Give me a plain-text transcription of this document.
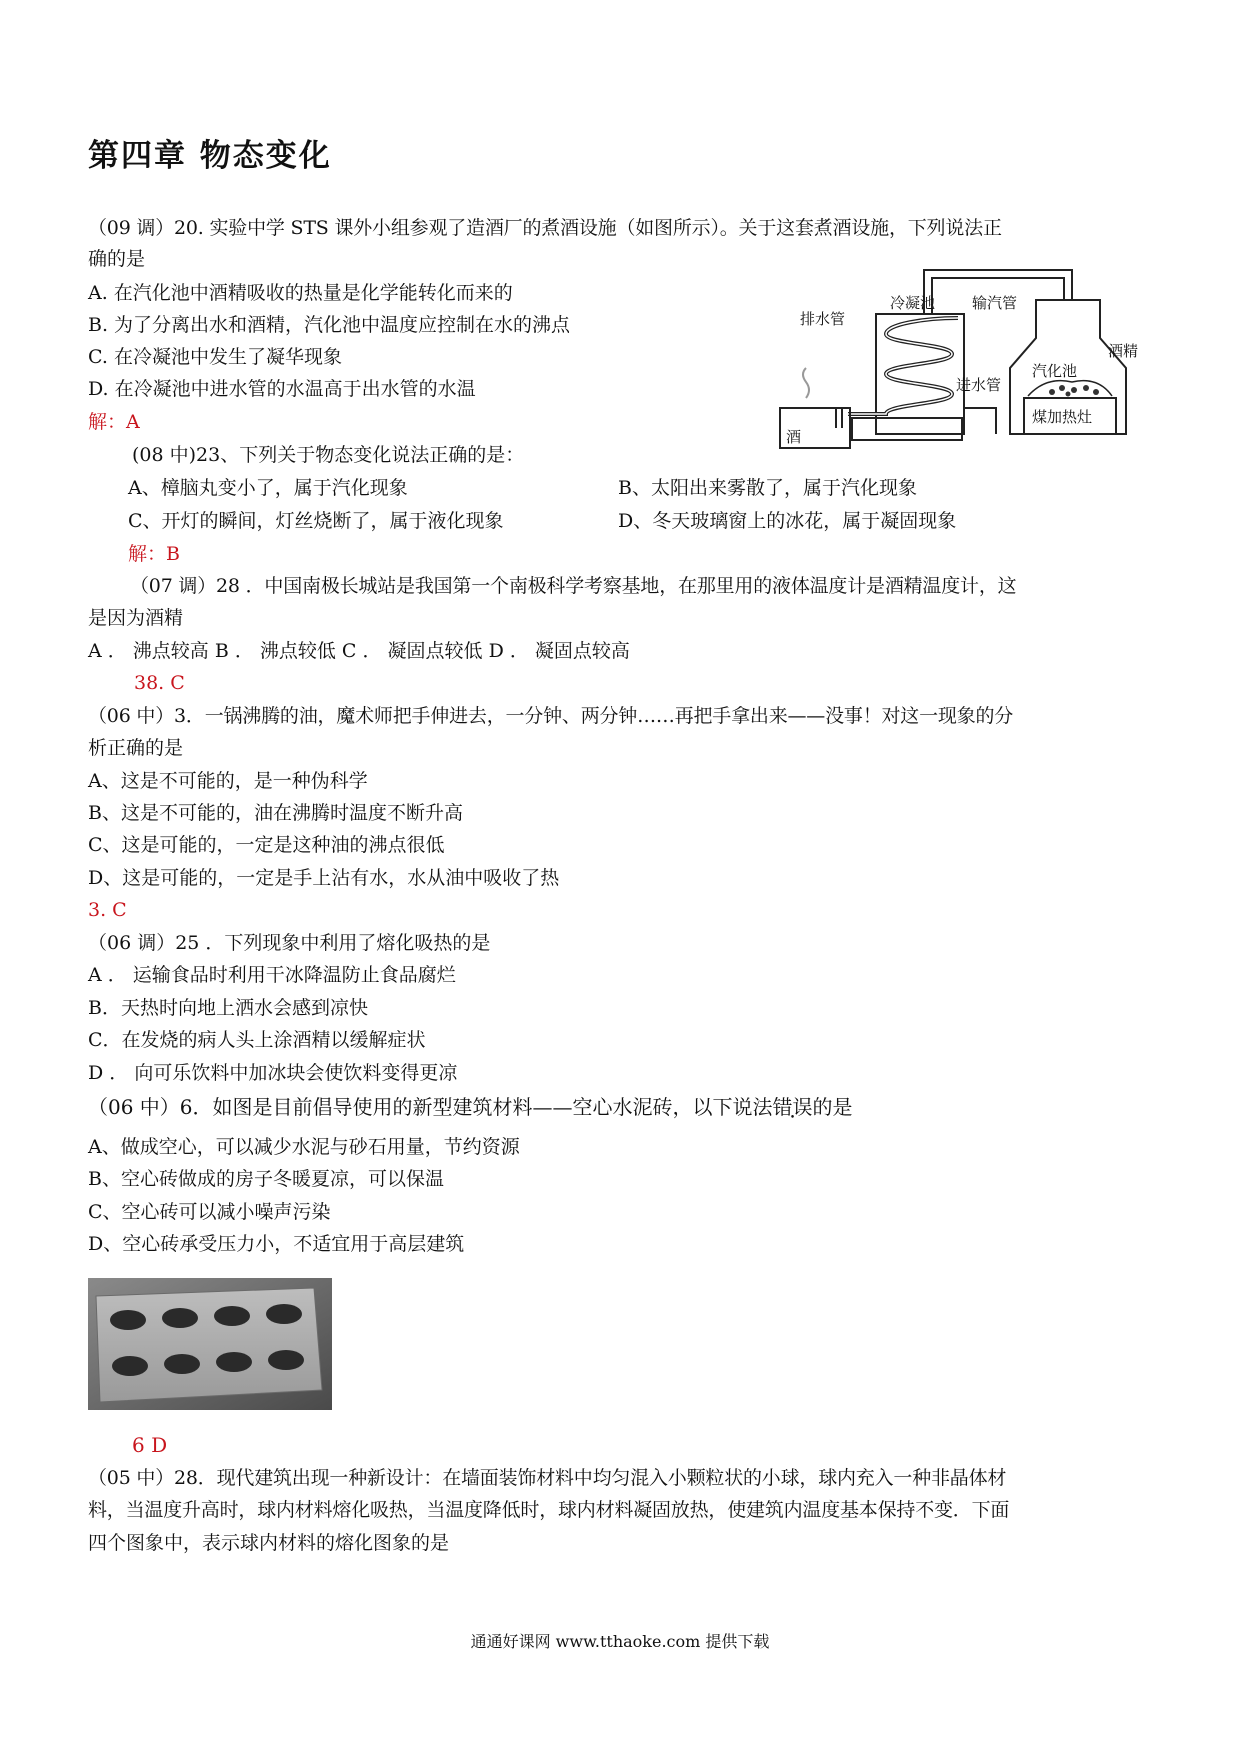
第四章 物态变化
（09 调）20. 实验中学 STS 课外小组参观了造酒厂的煮酒设施（如图所示）。关于这套煮酒设施，下列说法正
确的是
A. 在汽化池中酒精吸收的热量是化学能转化而来的
B. 为了分离出水和酒精，汽化池中温度应控制在水的沸点
C. 在冷凝池中发生了凝华现象
D. 在冷凝池中进水管的水温高于出水管的水温
解：A
冷凝池 输汽管
排水管
汽化池
酒精
进水管
煤加热灶
酒
(08 中)23、下列关于物态变化说法正确的是：
A、樟脑丸变小了，属于汽化现象	B、太阳出来雾散了，属于汽化现象
C、开灯的瞬间，灯丝烧断了，属于液化现象	D、冬天玻璃窗上的冰花，属于凝固现象
解：B
（07 调）28 ．中国南极长城站是我国第一个南极科学考察基地，在那里用的液体温度计是酒精温度计，这
是因为酒精
A ． 沸点较高 B ． 沸点较低 C ． 凝固点较低 D ． 凝固点较高
38. C
（06 中）3．一锅沸腾的油，魔术师把手伸进去，一分钟、两分钟……再把手拿出来——没事！对这一现象的分
析正确的是
A、这是不可能的，是一种伪科学
B、这是不可能的，油在沸腾时温度不断升高
C、这是可能的，一定是这种油的沸点很低
D、这是可能的，一定是手上沾有水，水从油中吸收了热
3. C
（06 调）25 ．下列现象中利用了熔化吸热的是
A ． 运输食品时利用干冰降温防止食品腐烂
B．天热时向地上洒水会感到凉快
C．在发烧的病人头上涂酒精以缓解症状
D ． 向可乐饮料中加冰块会使饮料变得更凉
（06 中）6．如图是目前倡导使用的新型建筑材料——空心水泥砖，以下说法错误的是
A、做成空心，可以减少水泥与砂石用量，节约资源
B、空心砖做成的房子冬暖夏凉，可以保温
C、空心砖可以减小噪声污染
D、空心砖承受压力小，不适宜用于高层建筑
6 D
（05 中）28．现代建筑出现一种新设计：在墙面装饰材料中均匀混入小颗粒状的小球，球内充入一种非晶体材
料，当温度升高时，球内材料熔化吸热，当温度降低时，球内材料凝固放热，使建筑内温度基本保持不变．下面
四个图象中，表示球内材料的熔化图象的是
通通好课网 www.tthaoke.com 提供下载
